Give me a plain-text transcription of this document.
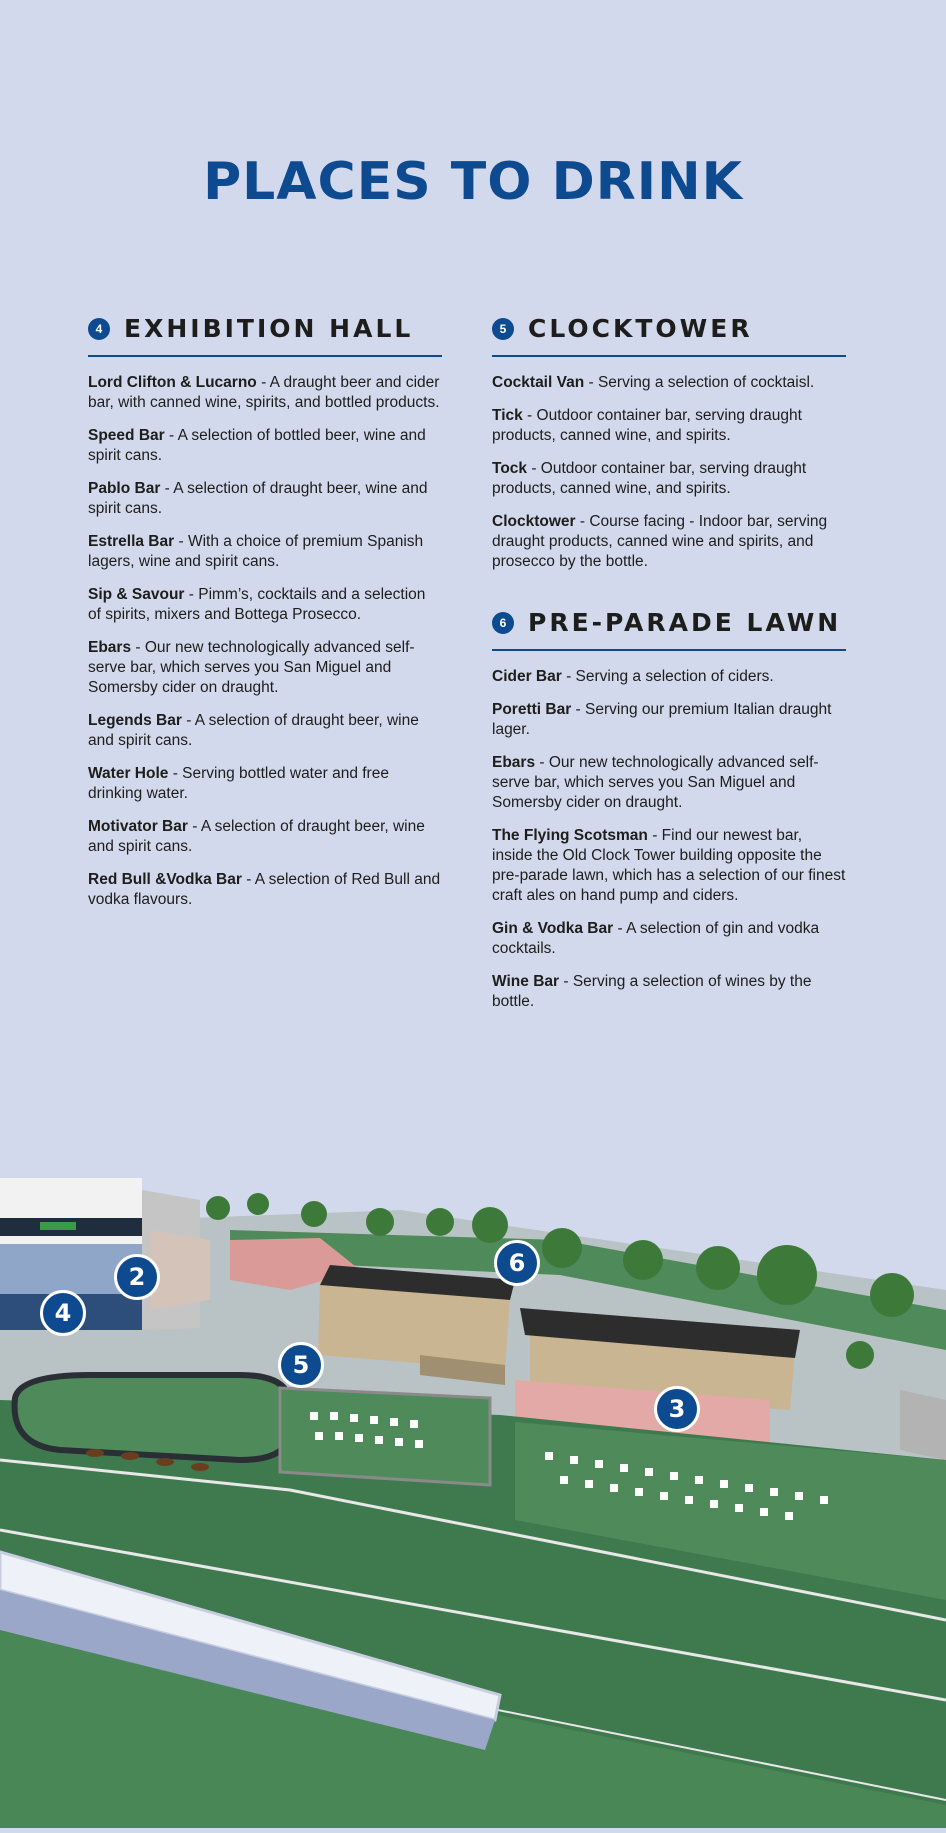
PLACES TO DRINK
4 EXHIBITION HALL

Lord Clifton & Lucarno - A draught beer and cider bar, with canned wine, spirits, and bottled products.

Speed Bar - A selection of bottled beer, wine and spirit cans.

Pablo Bar - A selection of draught beer, wine and spirit cans.

Estrella Bar - With a choice of premium Spanish lagers, wine and spirit cans.

Sip & Savour - Pimm’s, cocktails and a selection of spirits, mixers and Bottega Prosecco.

Ebars - Our new technologically advanced self-serve bar, which serves you San Miguel and Somersby cider on draught.

Legends Bar - A selection of draught beer, wine and spirit cans.

Water Hole - Serving bottled water and free drinking water.

Motivator Bar - A selection of draught beer, wine and spirit cans.

Red Bull &Vodka Bar - A selection of Red Bull and vodka flavours.

5 CLOCKTOWER

Cocktail Van - Serving a selection of cocktaisl.

Tick - Outdoor container bar, serving draught products, canned wine, and spirits.

Tock - Outdoor container bar, serving draught products, canned wine, and spirits.

Clocktower - Course facing - Indoor bar, serving draught products, canned wine and spirits, and prosecco by the bottle.

6 PRE-PARADE LAWN

Cider Bar - Serving a selection of ciders.

Poretti Bar - Serving our premium Italian draught lager.

Ebars - Our new technologically advanced self-serve bar, which serves you San Miguel and Somersby cider on draught.

The Flying Scotsman - Find our newest bar, inside the Old Clock Tower building opposite the pre-parade lawn, which has a selection of our finest craft ales on hand pump and ciders.

Gin & Vodka Bar - A selection of gin and vodka cocktails.

Wine Bar - Serving a selection of wines by the bottle.

2
4
5
6
3
